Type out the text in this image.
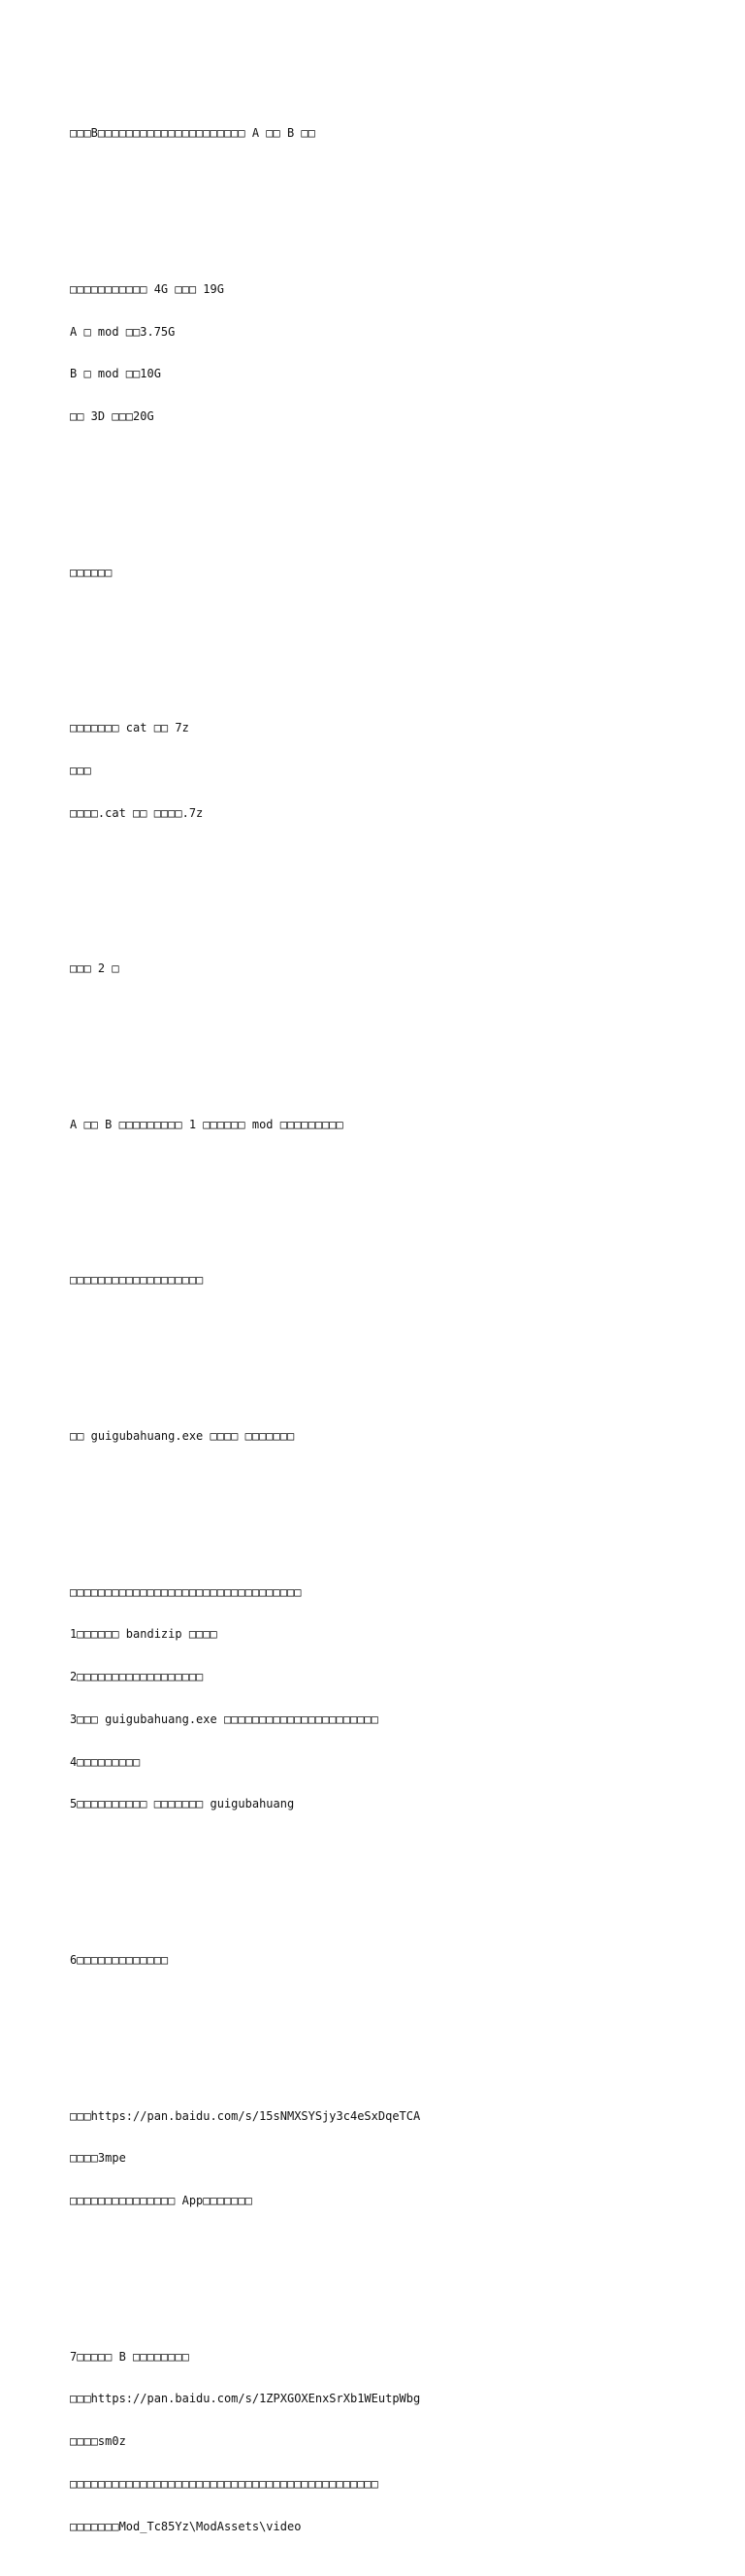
□□□B□□□□□□□□□□□□□□□□□□□□□ A □□ B □□

□□□□□□□□□□□ 4G □□□ 19G

A □ mod □□3.75G

B □ mod □□10G

□□ 3D □□□20G

□□□□□□

□□□□□□□ cat □□ 7z

□□□

□□□□.cat □□ □□□□.7z

□□□ 2 □

A □□ B □□□□□□□□□ 1 □□□□□□ mod □□□□□□□□□

□□□□□□□□□□□□□□□□□□□

□□ guigubahuang.exe □□□□ □□□□□□□

□□□□□□□□□□□□□□□□□□□□□□□□□□□□□□□□□

1□□□□□□ bandizip □□□□

2□□□□□□□□□□□□□□□□□□

3□□□ guigubahuang.exe □□□□□□□□□□□□□□□□□□□□□□

4□□□□□□□□□

5□□□□□□□□□□ □□□□□□□ guigubahuang

6□□□□□□□□□□□□□

□□□https://pan.baidu.com/s/15sNMXSYSjy3c4eSxDqeTCA

□□□□3mpe

□□□□□□□□□□□□□□□ App□□□□□□□

7□□□□□ B □□□□□□□□

□□□https://pan.baidu.com/s/1ZPXGOXEnxSrXb1WEutpWbg

□□□□sm0z

□□□□□□□□□□□□□□□□□□□□□□□□□□□□□□□□□□□□□□□□□□□□

□□□□□□□Mod_Tc85Yz\ModAssets\video
